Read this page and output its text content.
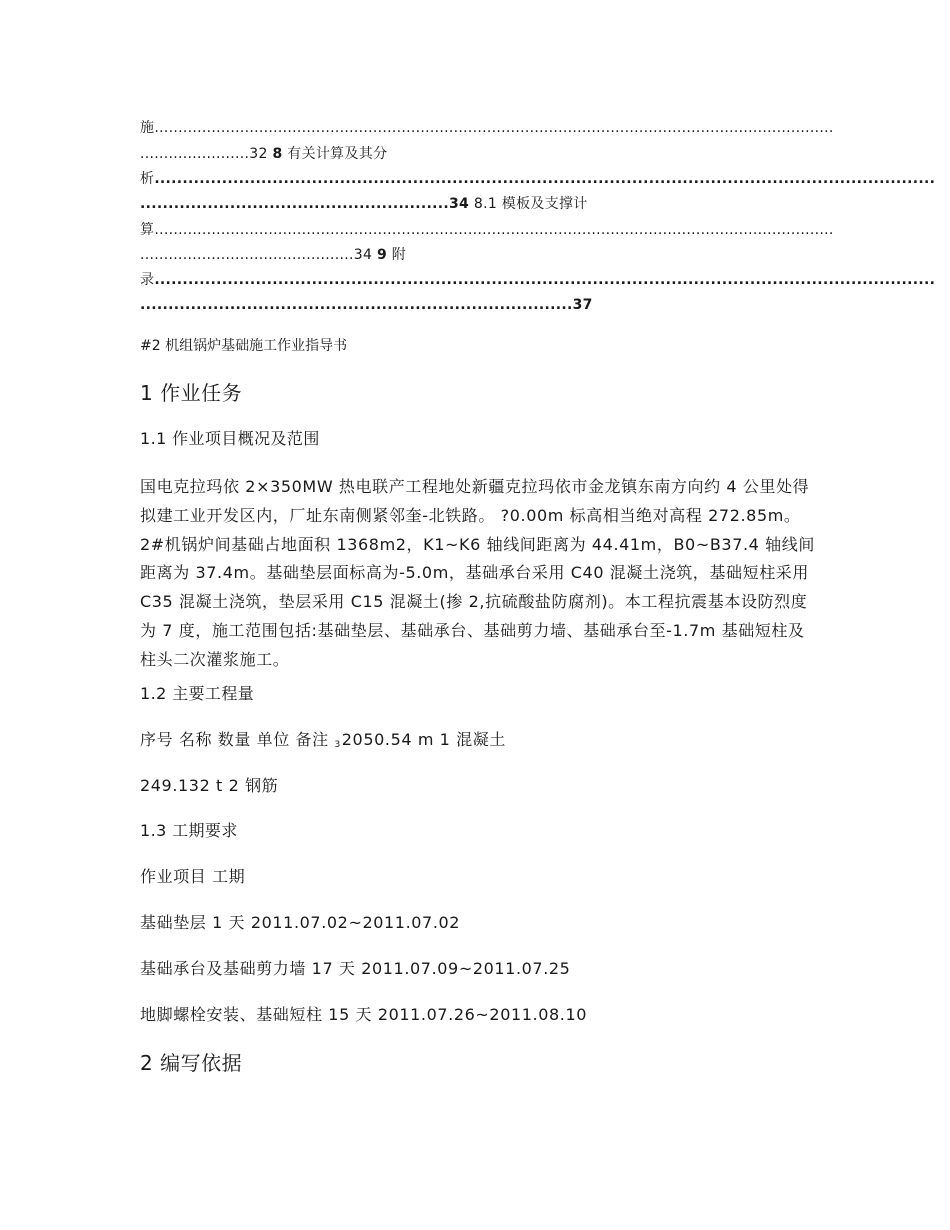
施...............................................................................................................................................
.......................32 8 有关计算及其分
析...........................................................................................................................................
.......................................................34 8.1 模板及支撑计
算...............................................................................................................................................
.............................................34 9 附
录...........................................................................................................................................
.............................................................................37
#2 机组锅炉基础施工作业指导书
1 作业任务
1.1 作业项目概况及范围
国电克拉玛依 2×350MW 热电联产工程地处新疆克拉玛依市金龙镇东南方向约 4 公里处得拟建工业开发区内，厂址东南侧紧邻奎-北铁路。 ?0.00m 标高相当绝对高程 272.85m。2#机锅炉间基础占地面积 1368m2，K1~K6 轴线间距离为 44.41m，B0~B37.4 轴线间距离为 37.4m。基础垫层面标高为-5.0m，基础承台采用 C40 混凝土浇筑，基础短柱采用 C35 混凝土浇筑，垫层采用 C15 混凝土(掺 2,抗硫酸盐防腐剂)。本工程抗震基本设防烈度为 7 度，施工范围包括:基础垫层、基础承台、基础剪力墙、基础承台至-1.7m 基础短柱及柱头二次灌浆施工。
1.2 主要工程量
序号 名称 数量 单位 备注 $_3$2050.54 m 1 混凝土
249.132 t 2 钢筋
1.3 工期要求
作业项目 工期
基础垫层 1 天 2011.07.02~2011.07.02
基础承台及基础剪力墙 17 天 2011.07.09~2011.07.25
地脚螺栓安装、基础短柱 15 天 2011.07.26~2011.08.10
2 编写依据
